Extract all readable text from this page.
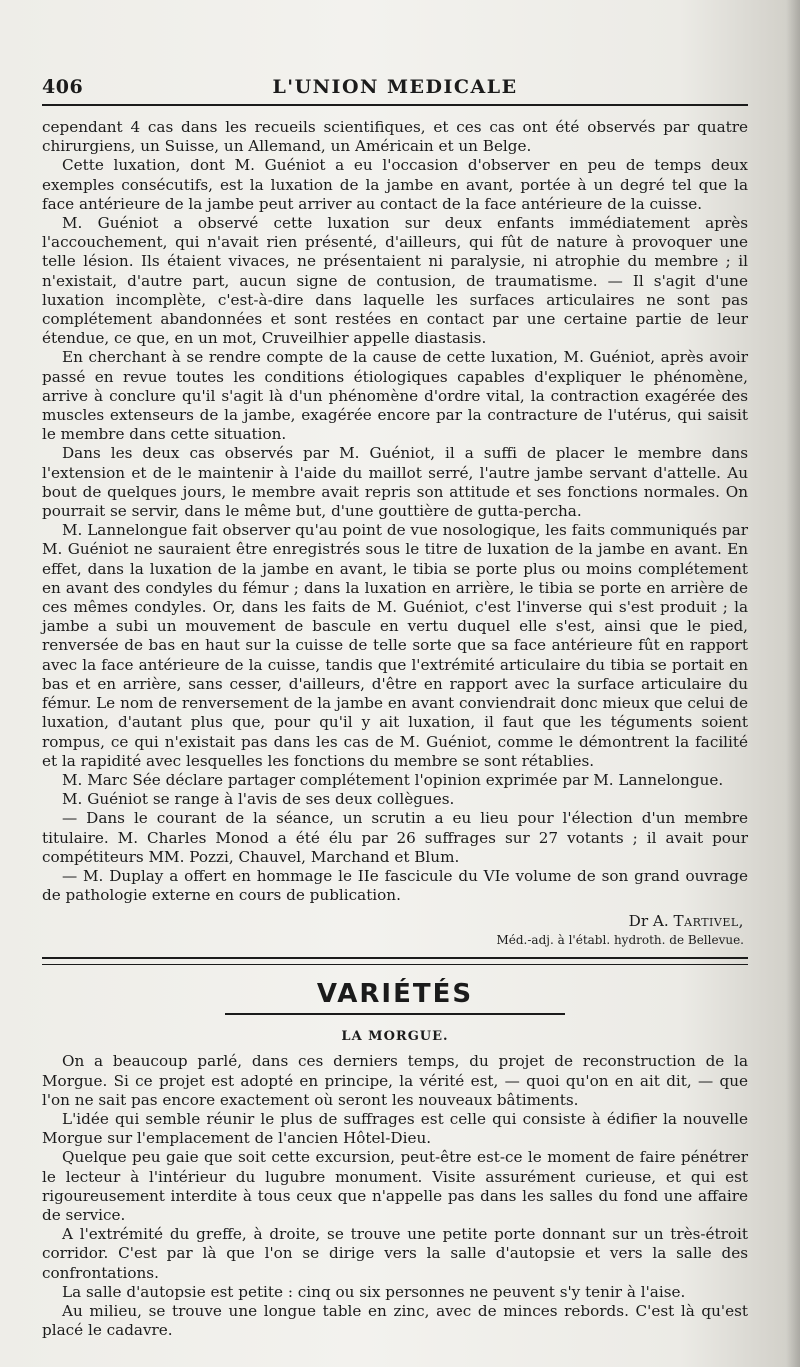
406	L'UNION MEDICALE

cependant 4 cas dans les recueils scientifiques, et ces cas ont été observés par quatre chirurgiens, un Suisse, un Allemand, un Américain et un Belge.

Cette luxation, dont M. Guéniot a eu l'occasion d'observer en peu de temps deux exemples consécutifs, est la luxation de la jambe en avant, portée à un degré tel que la face antérieure de la jambe peut arriver au contact de la face antérieure de la cuisse.

M. Guéniot a observé cette luxation sur deux enfants immédiatement après l'accouchement, qui n'avait rien présenté, d'ailleurs, qui fût de nature à provoquer une telle lésion. Ils étaient vivaces, ne présentaient ni paralysie, ni atrophie du membre ; il n'existait, d'autre part, aucun signe de contusion, de traumatisme. — Il s'agit d'une luxation incomplète, c'est-à-dire dans laquelle les surfaces articulaires ne sont pas complétement abandonnées et sont restées en contact par une certaine partie de leur étendue, ce que, en un mot, Cruveilhier appelle diastasis.

En cherchant à se rendre compte de la cause de cette luxation, M. Guéniot, après avoir passé en revue toutes les conditions étiologiques capables d'expliquer le phénomène, arrive à conclure qu'il s'agit là d'un phénomène d'ordre vital, la contraction exagérée des muscles extenseurs de la jambe, exagérée encore par la contracture de l'utérus, qui saisit le membre dans cette situation.

Dans les deux cas observés par M. Guéniot, il a suffi de placer le membre dans l'extension et de le maintenir à l'aide du maillot serré, l'autre jambe servant d'attelle. Au bout de quelques jours, le membre avait repris son attitude et ses fonctions normales. On pourrait se servir, dans le même but, d'une gouttière de gutta-percha.

M. Lannelongue fait observer qu'au point de vue nosologique, les faits communiqués par M. Guéniot ne sauraient être enregistrés sous le titre de luxation de la jambe en avant. En effet, dans la luxation de la jambe en avant, le tibia se porte plus ou moins complétement en avant des condyles du fémur ; dans la luxation en arrière, le tibia se porte en arrière de ces mêmes condyles. Or, dans les faits de M. Guéniot, c'est l'inverse qui s'est produit ; la jambe a subi un mouvement de bascule en vertu duquel elle s'est, ainsi que le pied, renversée de bas en haut sur la cuisse de telle sorte que sa face antérieure fût en rapport avec la face antérieure de la cuisse, tandis que l'extrémité articulaire du tibia se portait en bas et en arrière, sans cesser, d'ailleurs, d'être en rapport avec la surface articulaire du fémur. Le nom de renversement de la jambe en avant conviendrait donc mieux que celui de luxation, d'autant plus que, pour qu'il y ait luxation, il faut que les téguments soient rompus, ce qui n'existait pas dans les cas de M. Guéniot, comme le démontrent la facilité et la rapidité avec lesquelles les fonctions du membre se sont rétablies.

M. Marc Sée déclare partager complétement l'opinion exprimée par M. Lannelongue.

M. Guéniot se range à l'avis de ses deux collègues.

— Dans le courant de la séance, un scrutin a eu lieu pour l'élection d'un membre titulaire. M. Charles Monod a été élu par 26 suffrages sur 27 votants ; il avait pour compétiteurs MM. Pozzi, Chauvel, Marchand et Blum.

— M. Duplay a offert en hommage le IIe fascicule du VIe volume de son grand ouvrage de pathologie externe en cours de publication.

Dr A. Tartivel,
Méd.-adj. à l'établ. hydroth. de Bellevue.
VARIÉTÉS
LA MORGUE.

On a beaucoup parlé, dans ces derniers temps, du projet de reconstruction de la Morgue. Si ce projet est adopté en principe, la vérité est, — quoi qu'on en ait dit, — que l'on ne sait pas encore exactement où seront les nouveaux bâtiments.

L'idée qui semble réunir le plus de suffrages est celle qui consiste à édifier la nouvelle Morgue sur l'emplacement de l'ancien Hôtel-Dieu.

Quelque peu gaie que soit cette excursion, peut-être est-ce le moment de faire pénétrer le lecteur à l'intérieur du lugubre monument. Visite assurément curieuse, et qui est rigoureusement interdite à tous ceux que n'appelle pas dans les salles du fond une affaire de service.

A l'extrémité du greffe, à droite, se trouve une petite porte donnant sur un très-étroit corridor. C'est par là que l'on se dirige vers la salle d'autopsie et vers la salle des confrontations.

La salle d'autopsie est petite : cinq ou six personnes ne peuvent s'y tenir à l'aise.

Au milieu, se trouve une longue table en zinc, avec de minces rebords. C'est là qu'est placé le cadavre.
